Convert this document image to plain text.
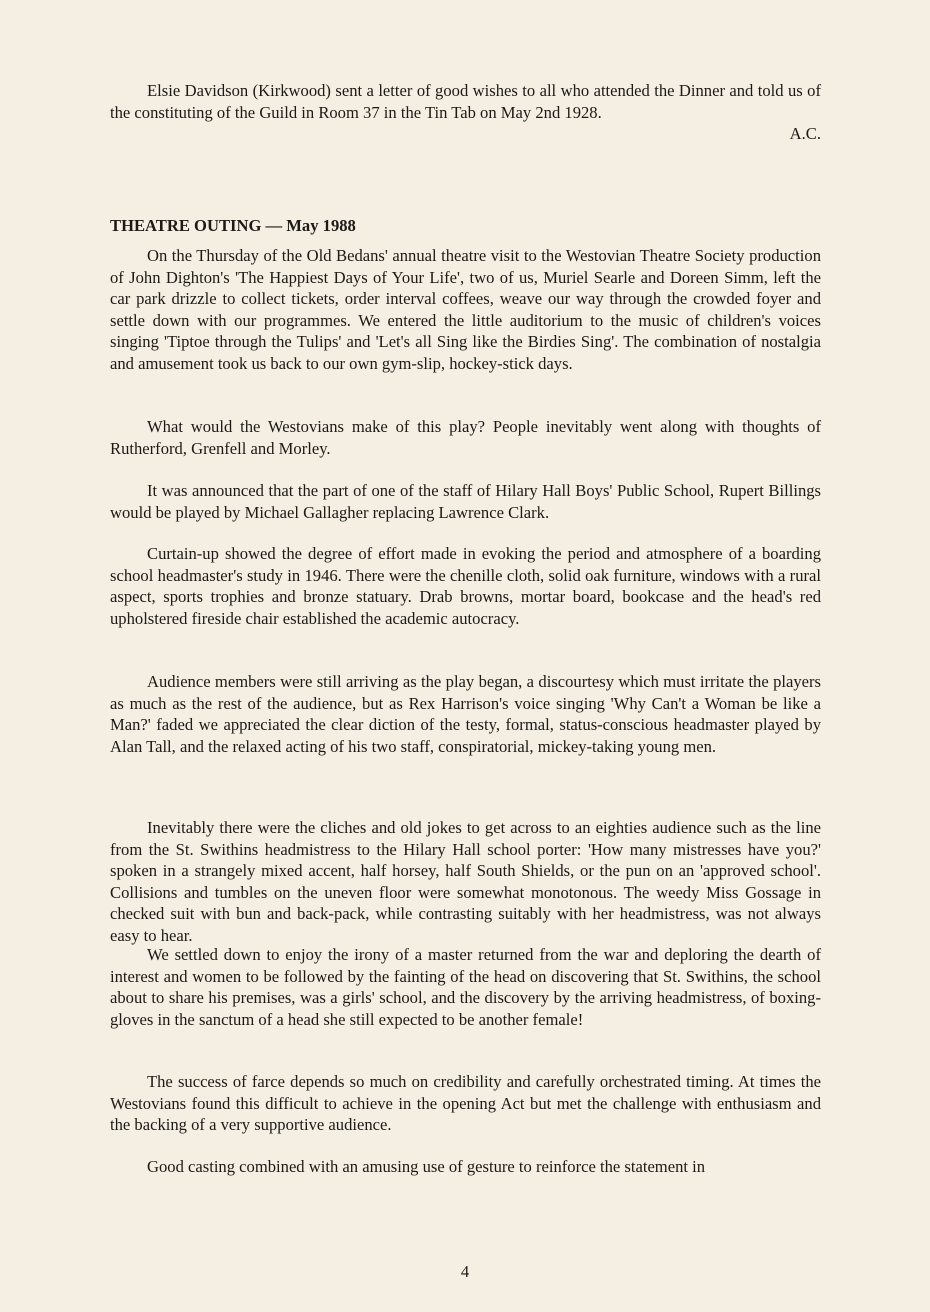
Elsie Davidson (Kirkwood) sent a letter of good wishes to all who attended the Dinner and told us of the constituting of the Guild in Room 37 in the Tin Tab on May 2nd 1928.

A.C.

THEATRE OUTING — May 1988

On the Thursday of the Old Bedans' annual theatre visit to the Westovian Theatre Society production of John Dighton's 'The Happiest Days of Your Life', two of us, Muriel Searle and Doreen Simm, left the car park drizzle to collect tickets, order interval coffees, weave our way through the crowded foyer and settle down with our programmes. We entered the little auditorium to the music of children's voices singing 'Tiptoe through the Tulips' and 'Let's all Sing like the Birdies Sing'. The combination of nostalgia and amusement took us back to our own gym-slip, hockey-stick days.

What would the Westovians make of this play? People inevitably went along with thoughts of Rutherford, Grenfell and Morley.

It was announced that the part of one of the staff of Hilary Hall Boys' Public School, Rupert Billings would be played by Michael Gallagher replacing Lawrence Clark.

Curtain-up showed the degree of effort made in evoking the period and atmosphere of a boarding school headmaster's study in 1946. There were the chenille cloth, solid oak furniture, windows with a rural aspect, sports trophies and bronze statuary. Drab browns, mortar board, bookcase and the head's red upholstered fireside chair established the academic autocracy.

Audience members were still arriving as the play began, a discourtesy which must irritate the players as much as the rest of the audience, but as Rex Harrison's voice singing 'Why Can't a Woman be like a Man?' faded we appreciated the clear diction of the testy, formal, status-conscious headmaster played by Alan Tall, and the relaxed acting of his two staff, conspiratorial, mickey-taking young men.

Inevitably there were the cliches and old jokes to get across to an eighties audience such as the line from the St. Swithins headmistress to the Hilary Hall school porter: 'How many mistresses have you?' spoken in a strangely mixed accent, half horsey, half South Shields, or the pun on an 'approved school'. Collisions and tumbles on the uneven floor were somewhat monotonous. The weedy Miss Gossage in checked suit with bun and back-pack, while contrasting suitably with her headmistress, was not always easy to hear.

We settled down to enjoy the irony of a master returned from the war and deploring the dearth of interest and women to be followed by the fainting of the head on discovering that St. Swithins, the school about to share his premises, was a girls' school, and the discovery by the arriving headmistress, of boxing-gloves in the sanctum of a head she still expected to be another female!

The success of farce depends so much on credibility and carefully orchestrated timing. At times the Westovians found this difficult to achieve in the opening Act but met the challenge with enthusiasm and the backing of a very supportive audience.

Good casting combined with an amusing use of gesture to reinforce the statement in

4
